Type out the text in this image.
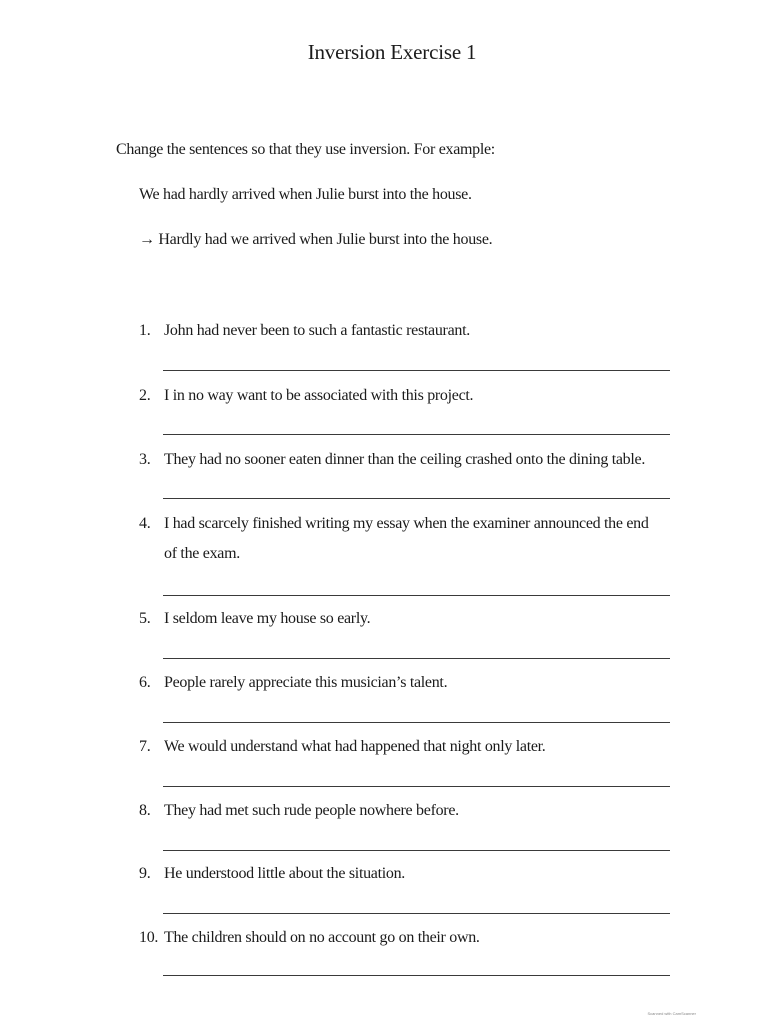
Inversion Exercise 1
Change the sentences so that they use inversion. For example:
We had hardly arrived when Julie burst into the house.
→ Hardly had we arrived when Julie burst into the house.
1. John had never been to such a fantastic restaurant.
2. I in no way want to be associated with this project.
3. They had no sooner eaten dinner than the ceiling crashed onto the dining table.
4. I had scarcely finished writing my essay when the examiner announced the end of the exam.
5. I seldom leave my house so early.
6. People rarely appreciate this musician’s talent.
7. We would understand what had happened that night only later.
8. They had met such rude people nowhere before.
9. He understood little about the situation.
10. The children should on no account go on their own.
Scanned with CamScanner
